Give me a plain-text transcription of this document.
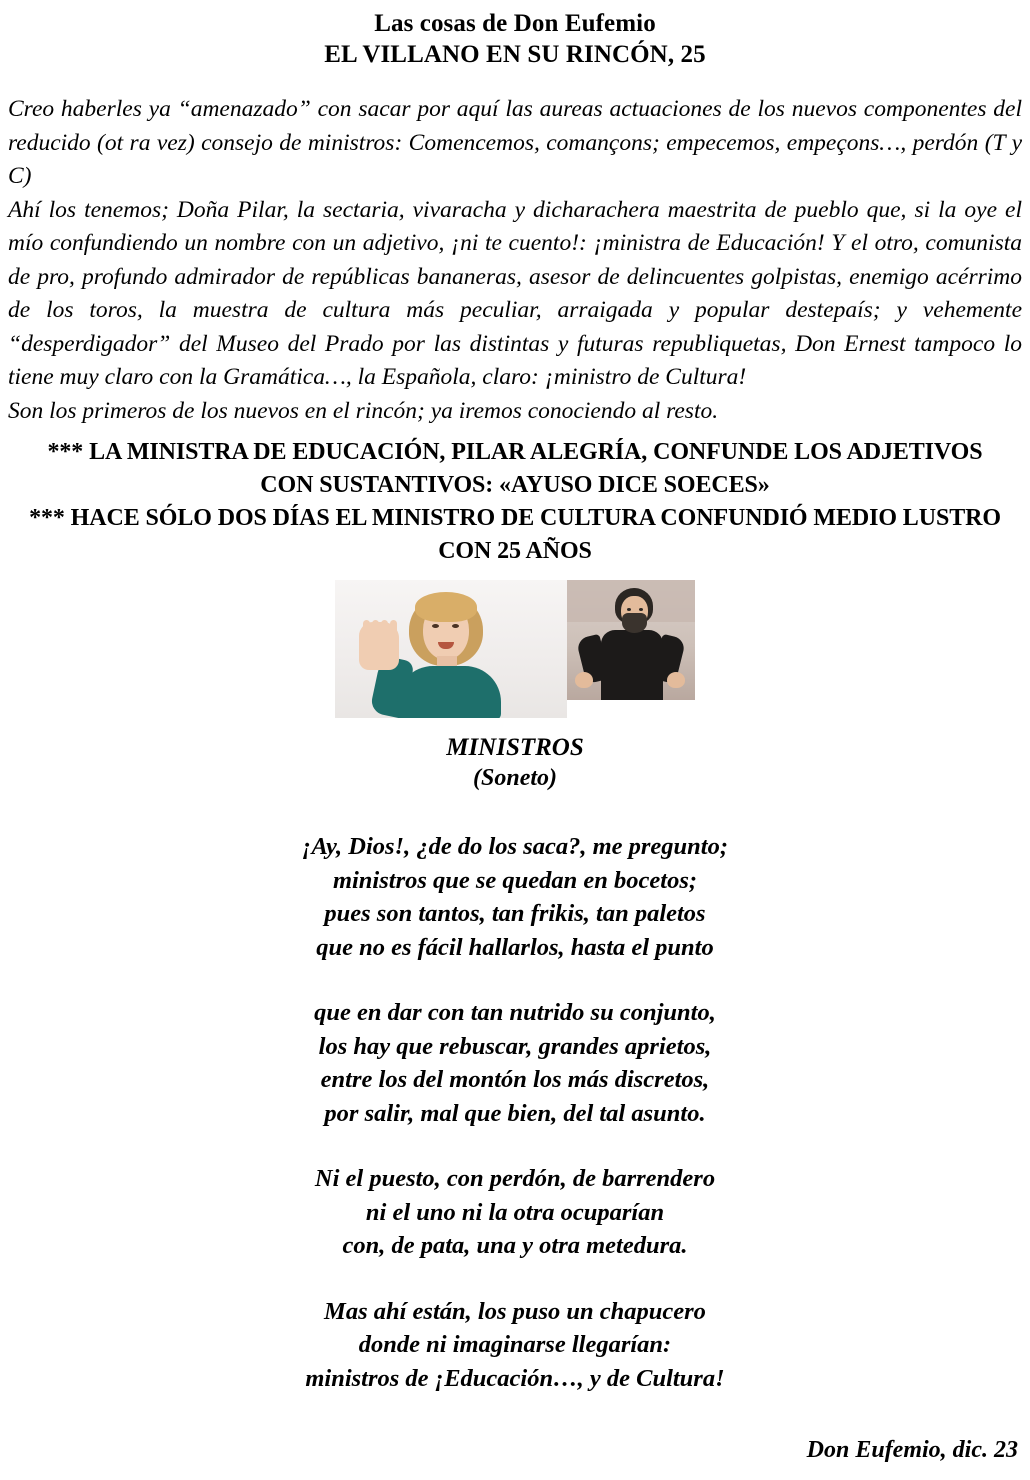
Las cosas de Don Eufemio
EL VILLANO EN SU RINCÓN, 25

Creo haberles ya “amenazado” con sacar por aquí las aureas actuaciones de los nuevos componentes del reducido (ot ra vez) consejo de ministros: Comencemos, comançons; empecemos, empeçons…, perdón (T y C)

Ahí los tenemos; Doña Pilar, la sectaria, vivaracha y dicharachera maestrita de pueblo que, si la oye el mío confundiendo un nombre con un adjetivo, ¡ni te cuento!: ¡ministra de Educación! Y el otro, comunista de pro, profundo admirador de repúblicas bananeras, asesor de delincuentes golpistas, enemigo acérrimo de los toros, la muestra de cultura más peculiar, arraigada y popular destepaís; y vehemente “desperdigador” del Museo del Prado por las distintas y futuras republiquetas, Don Ernest tampoco lo tiene muy claro con la Gramática…, la Española, claro: ¡ministro de Cultura!

Son los primeros de los nuevos en el rincón; ya iremos conociendo al resto.

*** LA MINISTRA DE EDUCACIÓN, PILAR ALEGRÍA, CONFUNDE LOS ADJETIVOS
CON SUSTANTIVOS: «AYUSO DICE SOECES»
*** HACE SÓLO DOS DÍAS EL MINISTRO DE CULTURA CONFUNDIÓ MEDIO LUSTRO
CON 25 AÑOS
MINISTROS
(Soneto)
¡Ay, Dios!, ¿de do los saca?, me pregunto;
ministros que se quedan en bocetos;
pues son tantos, tan frikis, tan paletos
que no es fácil hallarlos, hasta el punto
que en dar con tan nutrido su conjunto,
los hay que rebuscar, grandes aprietos,
entre los del montón los más discretos,
por salir, mal que bien, del tal asunto.
Ni el puesto, con perdón, de barrendero
ni el uno ni la otra ocuparían
con, de pata, una y otra metedura.
Mas ahí están, los puso un chapucero
donde ni imaginarse llegarían:
ministros de ¡Educación…, y de Cultura!
Don Eufemio, dic. 23
